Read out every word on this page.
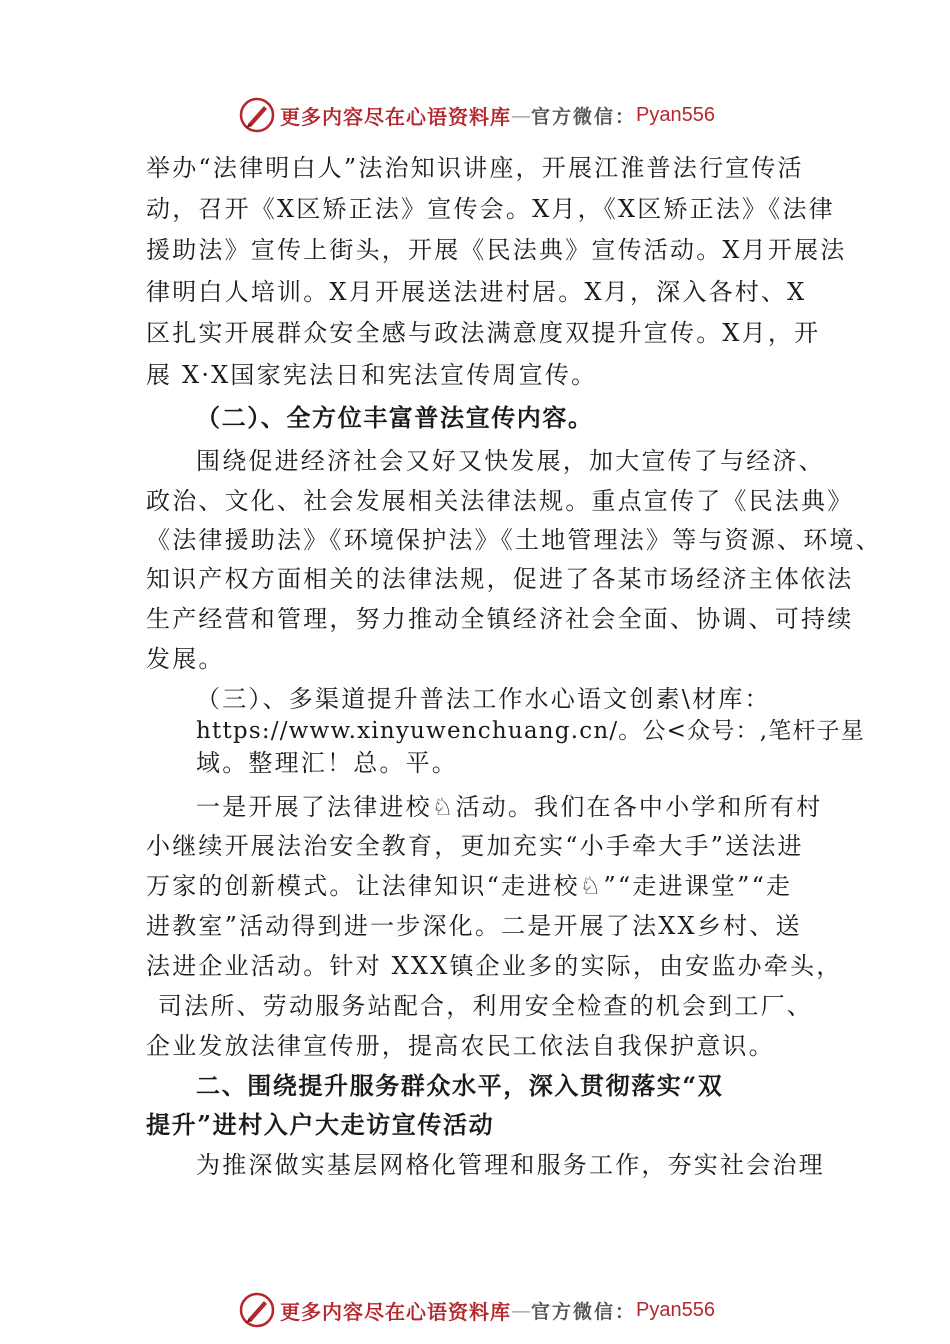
更多内容尽在心语资料库 — 官方微信： Pyan556
举办“法律明白人”法治知识讲座，开展江淮普法行宣传活
动，召开《X区矫正法》宣传会。X月，《X区矫正法》《法律
援助法》宣传上街头，开展《民法典》宣传活动。X月开展法
律明白人培训。X月开展送法进村居。X月，深入各村、X
区扎实开展群众安全感与政法满意度双提升宣传。X月，开
展 X·X国家宪法日和宪法宣传周宣传。
（二）、全方位丰富普法宣传内容。
围绕促进经济社会又好又快发展，加大宣传了与经济、
政治、文化、社会发展相关法律法规。重点宣传了《民法典》
《法律援助法》《环境保护法》《土地管理法》等与资源、环境、
知识产权方面相关的法律法规，促进了各某市场经济主体依法
生产经营和管理，努力推动全镇经济社会全面、协调、可持续
发展。
（三）、多渠道提升普法工作水心语文创素\材库：
https://www.xinyuwenchuang.cn/。公<众号：,笔杆子星
域。整理汇！总。平。
一是开展了法律进校♘活动。我们在各中小学和所有村
小继续开展法治安全教育，更加充实“小手牵大手”送法进
万家的创新模式。让法律知识“走进校♘”“走进课堂”“走
进教室”活动得到进一步深化。二是开展了法XX乡村、送
法进企业活动。针对 XXX镇企业多的实际，由安监办牵头，
司法所、劳动服务站配合，利用安全检查的机会到工厂、
企业发放法律宣传册，提高农民工依法自我保护意识。
二、围绕提升服务群众水平，深入贯彻落实“双
提升”进村入户大走访宣传活动
为推深做实基层网格化管理和服务工作，夯实社会治理
更多内容尽在心语资料库 — 官方微信： Pyan556
